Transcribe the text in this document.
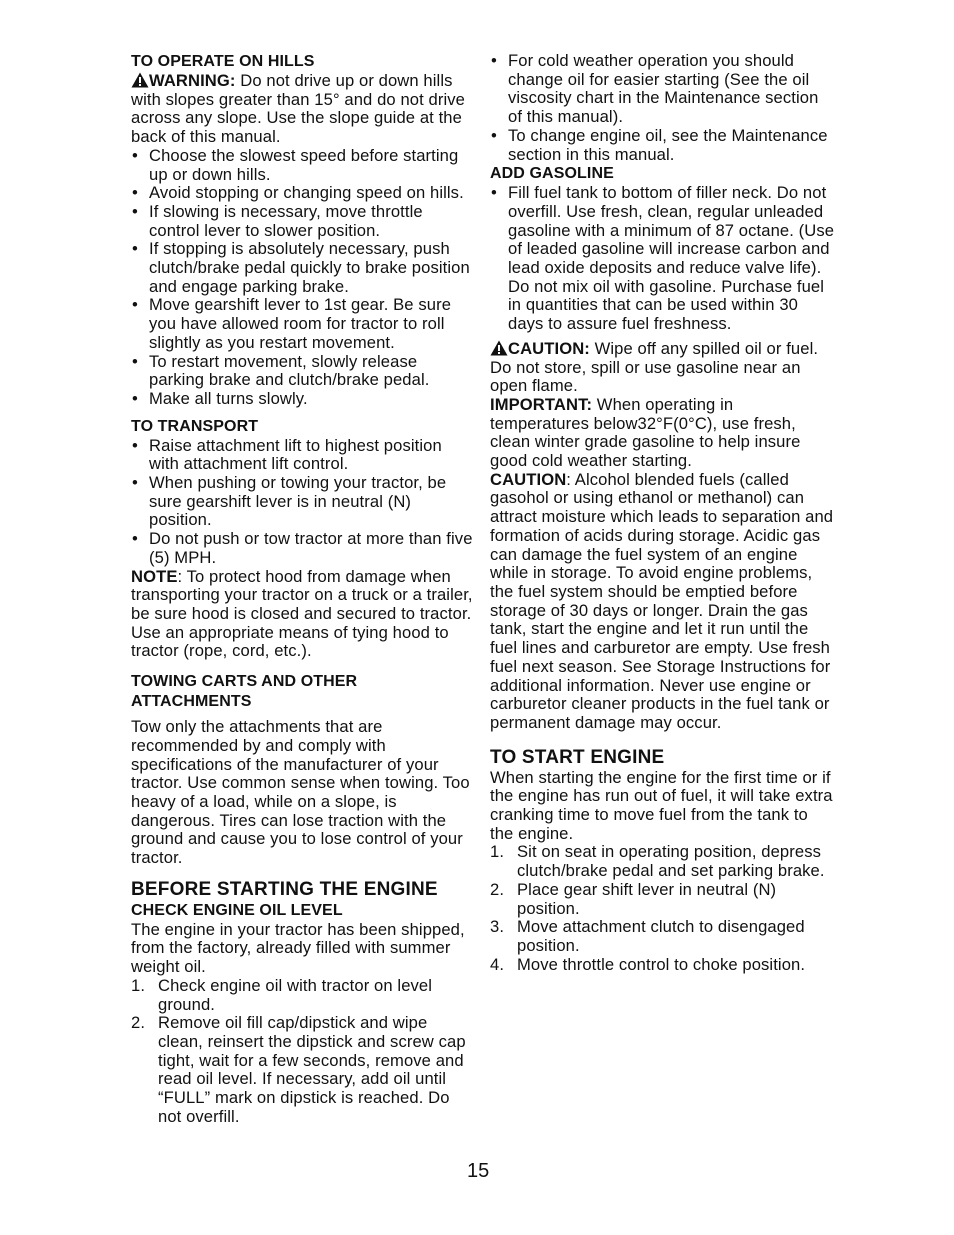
TO OPERATE ON HILLS

WARNING: Do not drive up or down hills with slopes greater than 15° and do not drive across any slope. Use the slope guide at the back of this manual.

• Choose the slowest speed before starting up or down hills.
• Avoid stopping or changing speed on hills.
• If slowing is necessary, move throttle control lever to slower position.
• If stopping is absolutely necessary, push clutch/brake pedal quickly to brake position and engage parking brake.
• Move gearshift lever to 1st gear. Be sure you have allowed room for tractor to roll slightly as you restart movement.
• To restart movement, slowly release parking brake and clutch/brake pedal.
• Make all turns slowly.
TO TRANSPORT
• Raise attachment lift to highest position with attachment lift control.
• When pushing or towing your tractor, be sure gearshift lever is in neutral (N) position.
• Do not push or tow tractor at more than five (5) MPH.

NOTE: To protect hood from damage when transporting your tractor on a truck or a trailer, be sure hood is closed and secured to tractor. Use an appropriate means of tying hood to tractor (rope, cord, etc.).

TOWING CARTS AND OTHER ATTACHMENTS

Tow only the attachments that are recommended by and comply with specifications of the manufacturer of your tractor. Use common sense when towing. Too heavy of a load, while on a slope, is dangerous. Tires can lose traction with the ground and cause you to lose control of your tractor.

BEFORE STARTING THE ENGINE
CHECK ENGINE OIL LEVEL

The engine in your tractor has been shipped, from the factory, already filled with summer weight oil.

1. Check engine oil with tractor on level ground.
2. Remove oil fill cap/dipstick and wipe clean, reinsert the dipstick and screw cap tight, wait for a few seconds, remove and read oil level. If necessary, add oil until “FULL” mark on dipstick is reached. Do not overfill.
• For cold weather operation you should change oil for easier starting (See the oil viscosity chart in the Maintenance section of this manual).
• To change engine oil, see the Maintenance section in this manual.
ADD GASOLINE
• Fill fuel tank to bottom of filler neck. Do not overfill. Use fresh, clean, regular unleaded gasoline with a minimum of 87 octane. (Use of leaded gasoline will increase carbon and lead oxide deposits and reduce valve life). Do not mix oil with gasoline. Purchase fuel in quantities that can be used within 30 days to assure fuel freshness.

CAUTION: Wipe off any spilled oil or fuel. Do not store, spill or use gasoline near an open flame.

IMPORTANT: When operating in temperatures below32°F(0°C), use fresh, clean winter grade gasoline to help insure good cold weather starting.

CAUTION: Alcohol blended fuels (called gasohol or using ethanol or methanol) can attract moisture which leads to separation and formation of acids during storage. Acidic gas can damage the fuel system of an engine while in storage. To avoid engine problems, the fuel system should be emptied before storage of 30 days or longer. Drain the gas tank, start the engine and let it run until the fuel lines and carburetor are empty. Use fresh fuel next season. See Storage Instructions for additional information. Never use engine or carburetor cleaner products in the fuel tank or permanent damage may occur.

TO START ENGINE

When starting the engine for the first time or if the engine has run out of fuel, it will take extra cranking time to move fuel from the tank to the engine.

1. Sit on seat in operating position, depress clutch/brake pedal and set parking brake.
2. Place gear shift lever in neutral (N) position.
3. Move attachment clutch to disengaged position.
4. Move throttle control to choke position.
15
